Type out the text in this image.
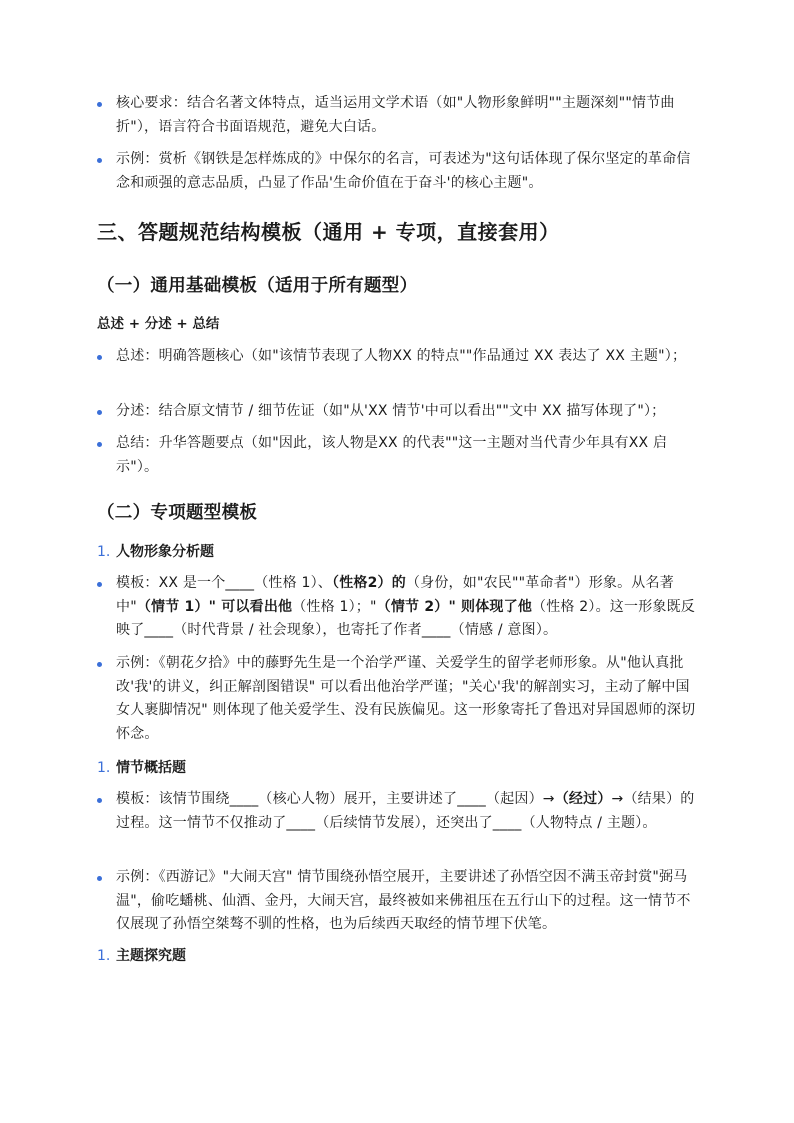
核心要求：结合名著文体特点，适当运用文学术语（如"人物形象鲜明""主题深刻""情节曲折"），语言符合书面语规范，避免大白话。
示例：赏析《钢铁是怎样炼成的》中保尔的名言，可表述为"这句话体现了保尔坚定的革命信念和顽强的意志品质，凸显了作品'生命价值在于奋斗'的核心主题"。
三、答题规范结构模板（通用 + 专项，直接套用）
（一）通用基础模板（适用于所有题型）
总述 + 分述 + 总结
总述：明确答题核心（如"该情节表现了人物XX 的特点""作品通过 XX 表达了 XX 主题"）；
分述：结合原文情节 / 细节佐证（如"从'XX 情节'中可以看出""文中 XX 描写体现了"）；
总结：升华答题要点（如"因此，该人物是XX 的代表""这一主题对当代青少年具有XX 启示"）。
（二）专项题型模板
1. 人物形象分析题
模板：XX 是一个____（性格 1）、（性格2）的（身份，如"农民""革命者"）形象。从名著中"（情节 1）" 可以看出他（性格 1）；"（情节 2）" 则体现了他（性格 2）。这一形象既反映了____（时代背景 / 社会现象），也寄托了作者____（情感 / 意图）。
示例：《朝花夕拾》中的藤野先生是一个治学严谨、关爱学生的留学老师形象。从"他认真批改'我'的讲义，纠正解剖图错误" 可以看出他治学严谨；"关心'我'的解剖实习，主动了解中国女人裹脚情况" 则体现了他关爱学生、没有民族偏见。这一形象寄托了鲁迅对异国恩师的深切怀念。
1. 情节概括题
模板：该情节围绕____（核心人物）展开，主要讲述了____（起因）→（经过）→（结果）的过程。这一情节不仅推动了____（后续情节发展），还突出了____（人物特点 / 主题）。
示例：《西游记》"大闹天宫" 情节围绕孙悟空展开，主要讲述了孙悟空因不满玉帝封赏"弼马温"，偷吃蟠桃、仙酒、金丹，大闹天宫，最终被如来佛祖压在五行山下的过程。这一情节不仅展现了孙悟空桀骜不驯的性格，也为后续西天取经的情节埋下伏笔。
1. 主题探究题
